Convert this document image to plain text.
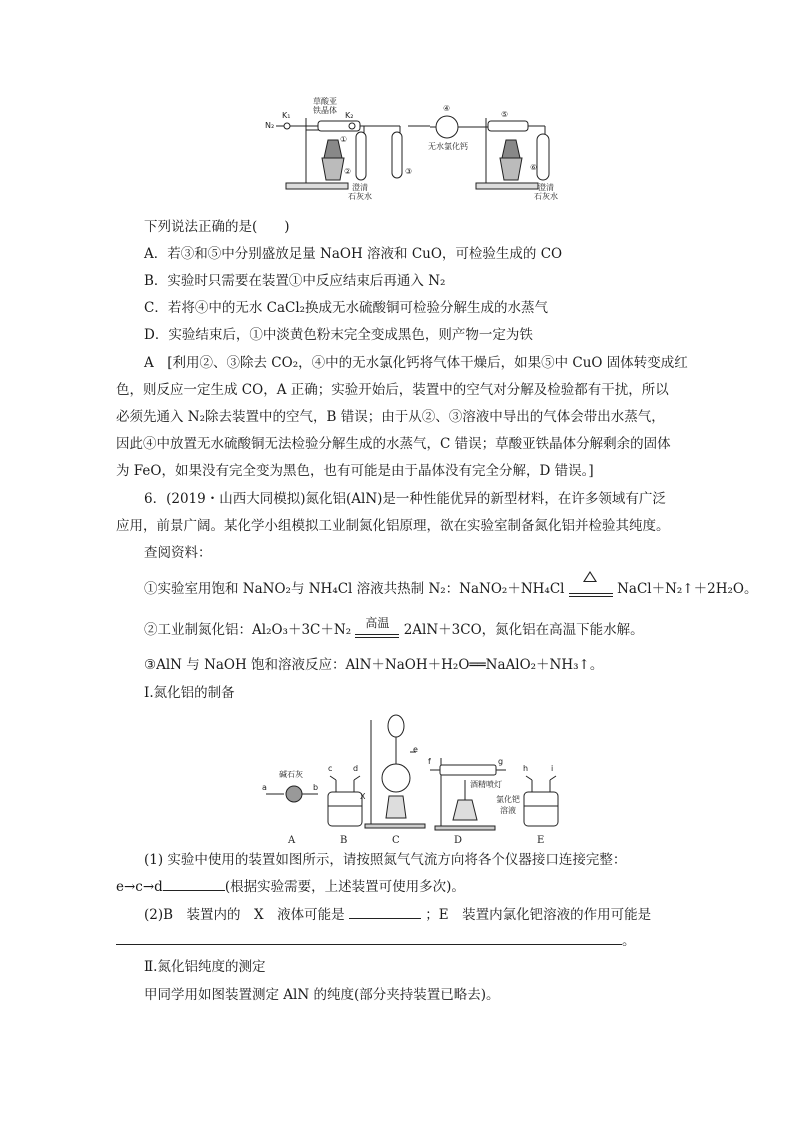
N₂
K₁	K₂
草酸亚
铁晶体
①
②	③
④
⑤
⑥
无水氯化钙
澄清
石灰水
澄清
石灰水
下列说法正确的是(　　)
A．若③和⑤中分别盛放足量 NaOH 溶液和 CuO，可检验生成的 CO
B．实验时只需要在装置①中反应结束后再通入 N₂
C．若将④中的无水 CaCl₂换成无水硫酸铜可检验分解生成的水蒸气
D．实验结束后，①中淡黄色粉末完全变成黑色，则产物一定为铁
A　[利用②、③除去 CO₂，④中的无水氯化钙将气体干燥后，如果⑤中 CuO 固体转变成红
色，则反应一定生成 CO，A 正确；实验开始后，装置中的空气对分解及检验都有干扰，所以
必须先通入 N₂除去装置中的空气，B 错误；由于从②、③溶液中导出的气体会带出水蒸气，
因此④中放置无水硫酸铜无法检验分解生成的水蒸气，C 错误；草酸亚铁晶体分解剩余的固体
为 FeO，如果没有完全变为黑色，也有可能是由于晶体没有完全分解，D 错误。]
6．(2019・山西大同模拟)氮化铝(AlN)是一种性能优异的新型材料，在许多领域有广泛
应用，前景广阔。某化学小组模拟工业制氮化铝原理，欲在实验室制备氮化铝并检验其纯度。
查阅资料：
①实验室用饱和 NaNO₂与 NH₄Cl 溶液共热制 N₂：NaNO₂＋NH₄Cl	NaCl＋N₂↑＋2H₂O。
②工业制氮化铝：Al₂O₃＋3C＋N₂	高温	2AlN＋3CO，氮化铝在高温下能水解。
③AlN 与 NaOH 饱和溶液反应：AlN＋NaOH＋H₂O══NaAlO₂＋NH₃↑。
Ⅰ.氮化铝的制备
碱石灰
a	b
c	d
e
f	g
h	i
X
酒精喷灯
氯化钯
溶液
A	B	C	D	E
(1) 实验中使用的装置如图所示，请按照氮气气流方向将各个仪器接口连接完整：
e→c→d	(根据实验需要，上述装置可使用多次)。
(2)B　装置内的　X　液体可能是	；E　装置内氯化钯溶液的作用可能是
。
Ⅱ.氮化铝纯度的测定
甲同学用如图装置测定 AlN 的纯度(部分夹持装置已略去)。
